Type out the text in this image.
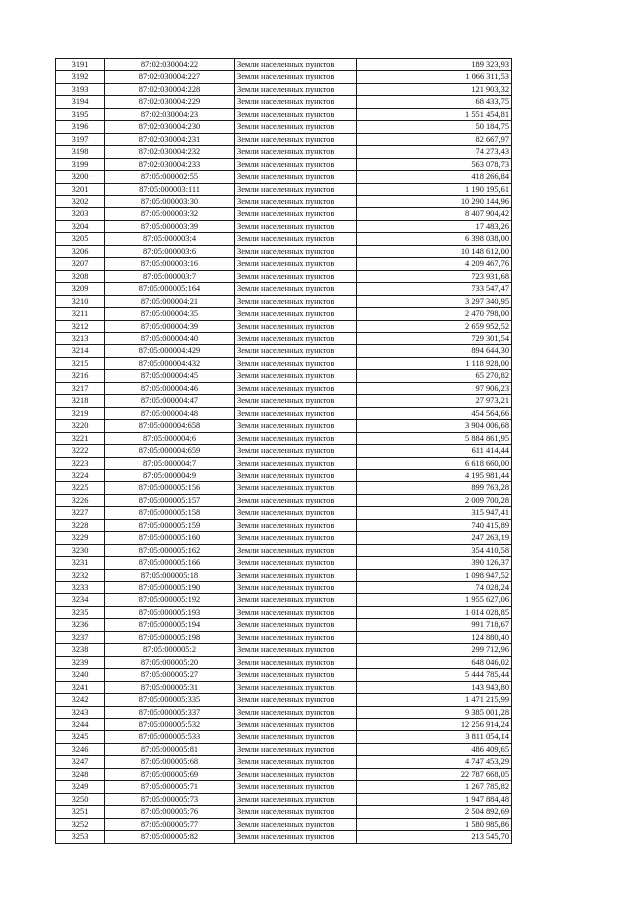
3191	87:02:030004:22	Земли населенных пунктов	189 323,93
3192	87:02:030004:227	Земли населенных пунктов	1 066 311,53
3193	87:02:030004:228	Земли населенных пунктов	121 903,32
3194	87:02:030004:229	Земли населенных пунктов	68 433,75
3195	87:02:030004:23	Земли населенных пунктов	1 551 454,81
3196	87:02:030004:230	Земли населенных пунктов	50 184,75
3197	87:02:030004:231	Земли населенных пунктов	82 667,97
3198	87:02:030004:232	Земли населенных пунктов	74 273,43
3199	87:02:030004:233	Земли населенных пунктов	563 078,73
3200	87:05:000002:55	Земли населенных пунктов	418 266,84
3201	87:05:000003:111	Земли населенных пунктов	1 190 195,61
3202	87:05:000003:30	Земли населенных пунктов	10 290 144,96
3203	87:05:000003:32	Земли населенных пунктов	8 407 904,42
3204	87:05:000003:39	Земли населенных пунктов	17 483,26
3205	87:05:000003:4	Земли населенных пунктов	6 398 038,00
3206	87:05:000003:6	Земли населенных пунктов	10 148 612,00
3207	87:05:000003:16	Земли населенных пунктов	4 209 467,76
3208	87:05:000003:7	Земли населенных пунктов	723 931,68
3209	87:05:000005:164	Земли населенных пунктов	733 547,47
3210	87:05:000004:21	Земли населенных пунктов	3 297 340,95
3211	87:05:000004:35	Земли населенных пунктов	2 470 798,00
3212	87:05:000004:39	Земли населенных пунктов	2 659 952,52
3213	87:05:000004:40	Земли населенных пунктов	729 301,54
3214	87:05:000004:429	Земли населенных пунктов	894 644,30
3215	87:05:000004:432	Земли населенных пунктов	1 118 928,00
3216	87:05:000004:45	Земли населенных пунктов	65 270,82
3217	87:05:000004:46	Земли населенных пунктов	97 906,23
3218	87:05:000004:47	Земли населенных пунктов	27 973,21
3219	87:05:000004:48	Земли населенных пунктов	454 564,66
3220	87:05:000004:658	Земли населенных пунктов	3 904 006,68
3221	87:05:000004:6	Земли населенных пунктов	5 884 861,95
3222	87:05:000004:659	Земли населенных пунктов	611 414,44
3223	87:05:000004:7	Земли населенных пунктов	6 618 660,00
3224	87:05:000004:9	Земли населенных пунктов	4 195 981,44
3225	87:05:000005:156	Земли населенных пунктов	899 763,28
3226	87:05:000005:157	Земли населенных пунктов	2 009 700,28
3227	87:05:000005:158	Земли населенных пунктов	315 947,41
3228	87:05:000005:159	Земли населенных пунктов	740 415,89
3229	87:05:000005:160	Земли населенных пунктов	247 263,19
3230	87:05:000005:162	Земли населенных пунктов	354 410,58
3231	87:05:000005:166	Земли населенных пунктов	390 126,37
3232	87:05:000005:18	Земли населенных пунктов	1 098 947,52
3233	87:05:000005:190	Земли населенных пунктов	74 028,24
3234	87:05:000005:192	Земли населенных пунктов	1 955 627,06
3235	87:05:000005:193	Земли населенных пунктов	1 014 028,85
3236	87:05:000005:194	Земли населенных пунктов	991 718,67
3237	87:05:000005:198	Земли населенных пунктов	124 880,40
3238	87:05:000005:2	Земли населенных пунктов	299 712,96
3239	87:05:000005:20	Земли населенных пунктов	648 046,02
3240	87:05:000005:27	Земли населенных пунктов	5 444 785,44
3241	87:05:000005:31	Земли населенных пунктов	143 943,80
3242	87:05:000005:335	Земли населенных пунктов	1 471 215,99
3243	87:05:000005:337	Земли населенных пунктов	9 385 001,28
3244	87:05:000005:532	Земли населенных пунктов	12 256 914,24
3245	87:05:000005:533	Земли населенных пунктов	3 811 054,14
3246	87:05:000005:81	Земли населенных пунктов	486 409,65
3247	87:05:000005:68	Земли населенных пунктов	4 747 453,29
3248	87:05:000005:69	Земли населенных пунктов	22 787 668,05
3249	87:05:000005:71	Земли населенных пунктов	1 267 785,82
3250	87:05:000005:73	Земли населенных пунктов	1 947 884,48
3251	87:05:000005:76	Земли населенных пунктов	2 504 892,69
3252	87:05:000005:77	Земли населенных пунктов	1 580 985,86
3253	87:05:000005:82	Земли населенных пунктов	213 545,70
